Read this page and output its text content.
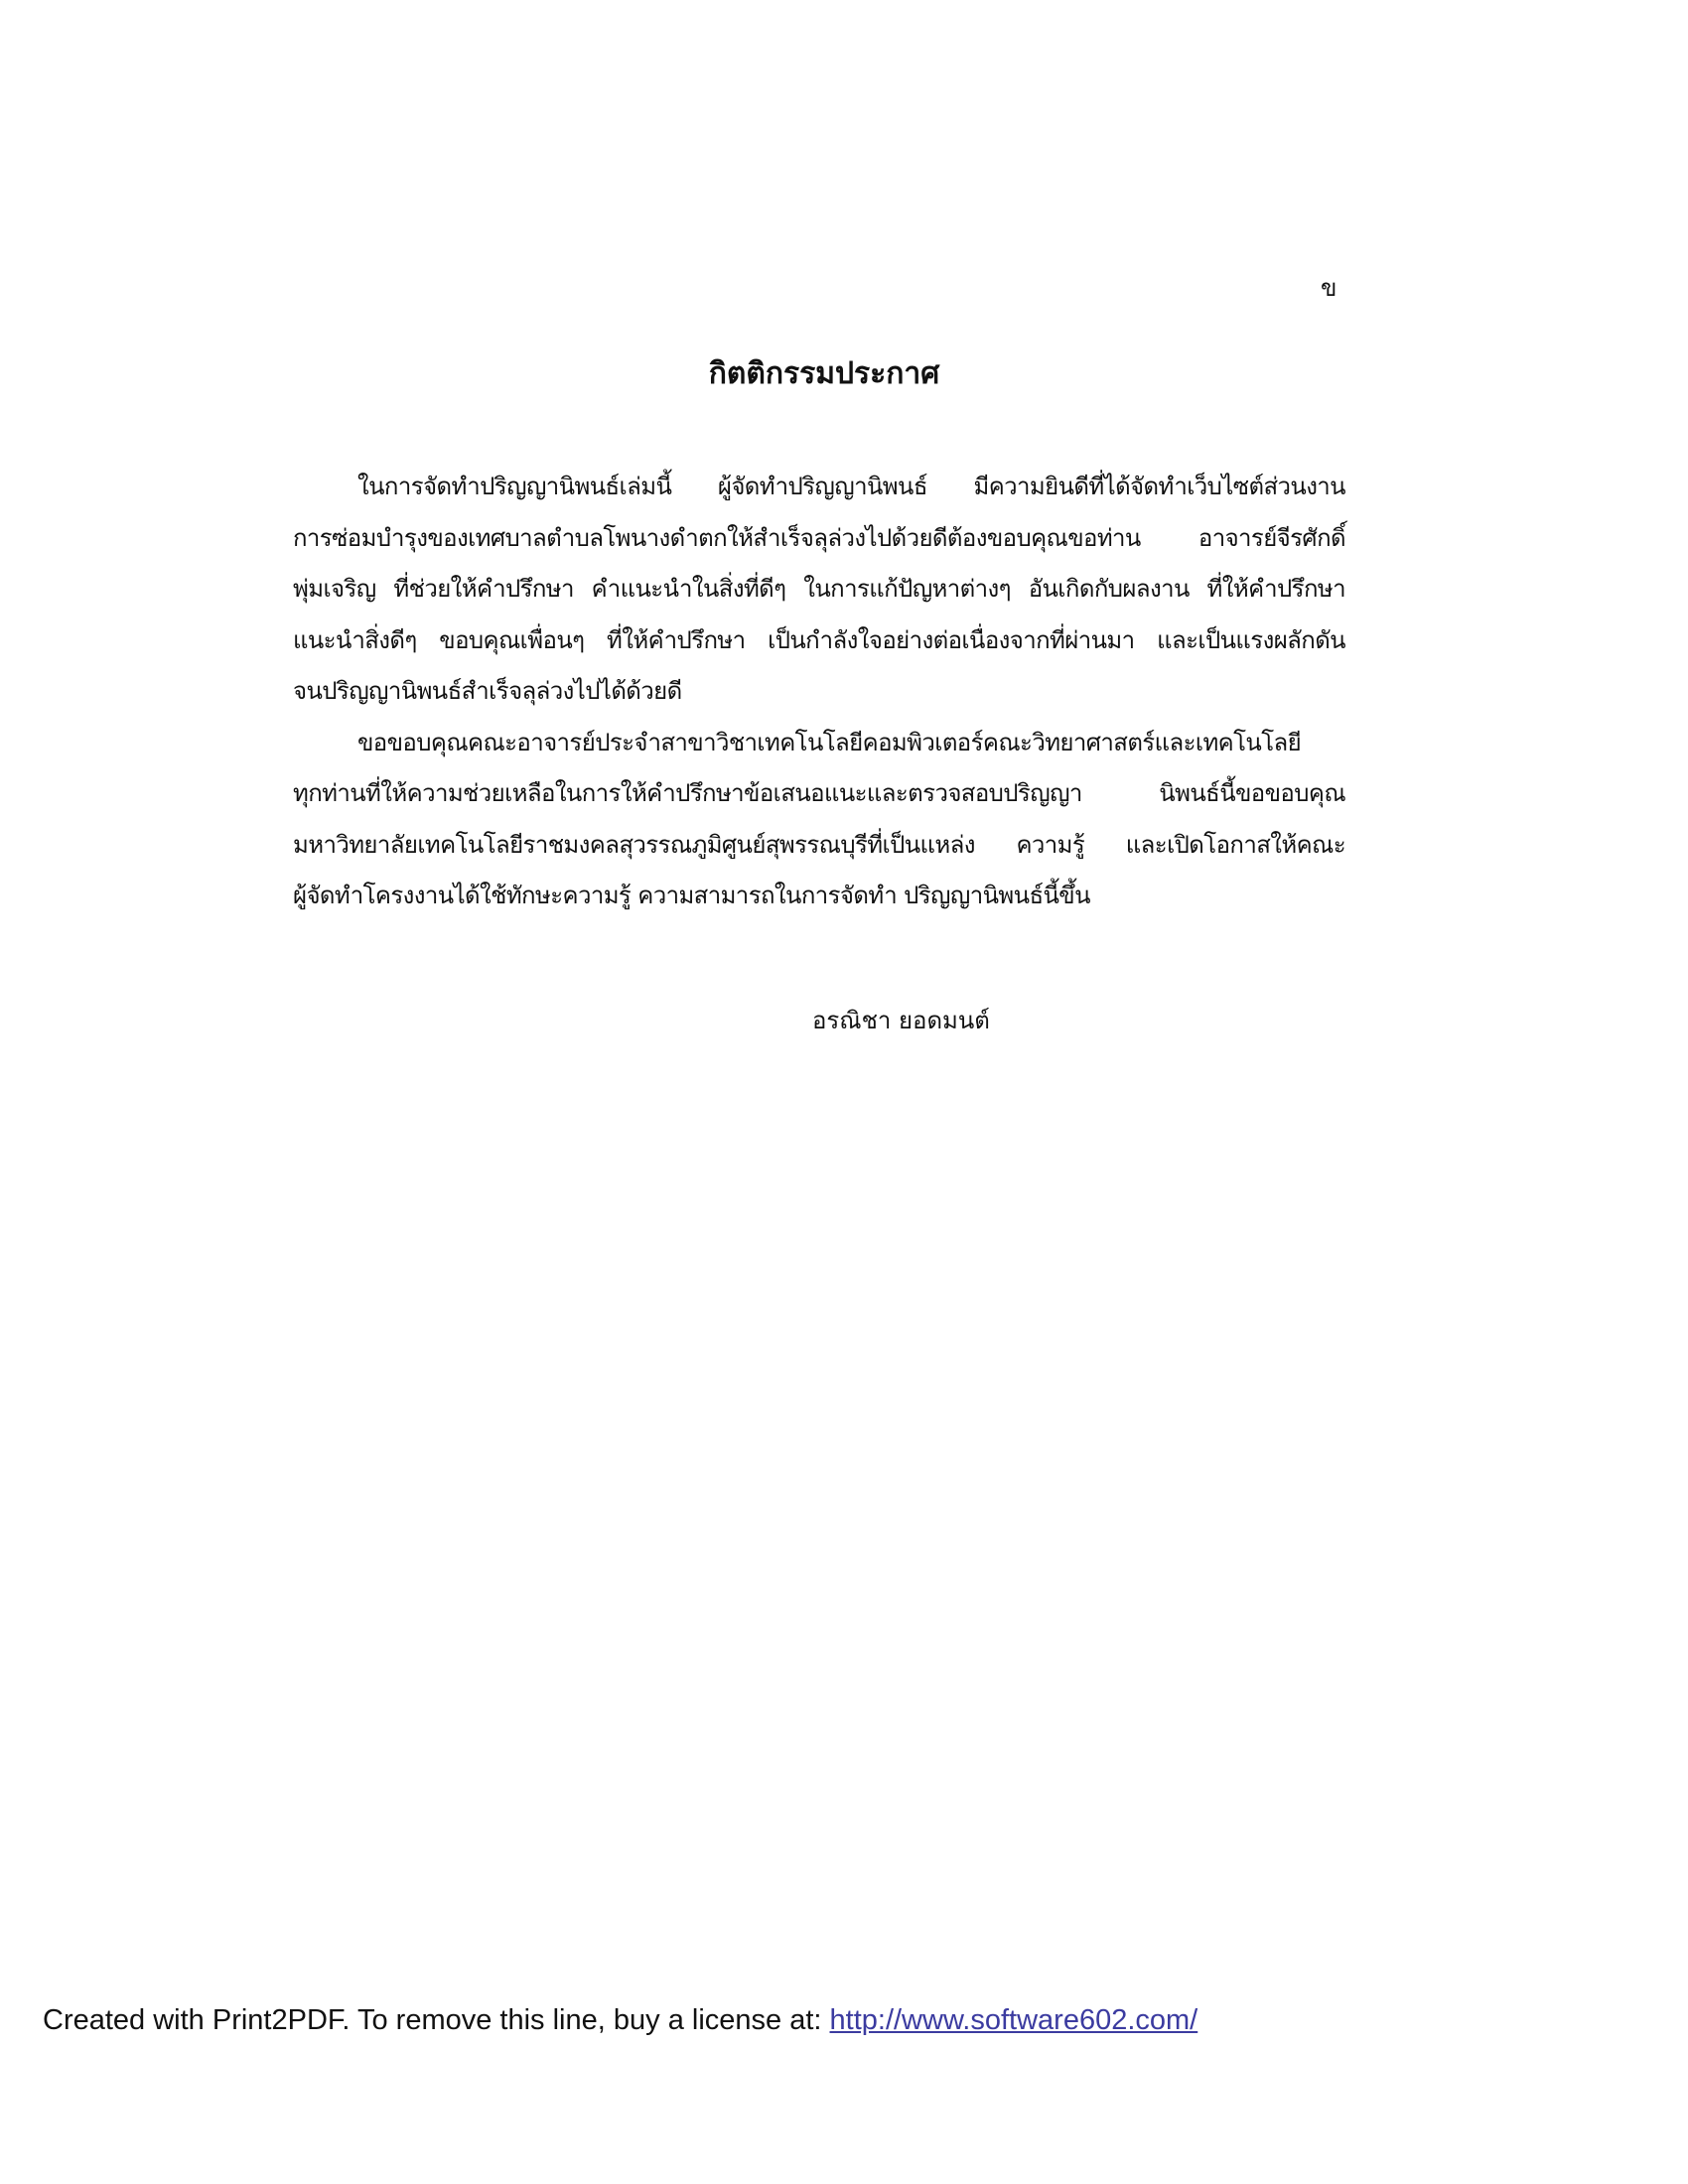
ข
กิตติกรรมประกาศ
ในการจัดทำปริญญานิพนธ์เล่มนี้ ผู้จัดทำปริญญานิพนธ์ มีความยินดีที่ได้จัดทำเว็บไซต์ส่วนงาน
การซ่อมบำรุงของเทศบาลตำบลโพนางดำตกให้สำเร็จลุล่วงไปด้วยดีต้องขอบคุณขอท่าน อาจารย์จีรศักดิ์
พุ่มเจริญ ที่ช่วยให้คำปรึกษา คำแนะนำในสิ่งที่ดีๆ ในการแก้ปัญหาต่างๆ อันเกิดกับผลงาน ที่ให้คำปรึกษา
แนะนำสิ่งดีๆ ขอบคุณเพื่อนๆ ที่ให้คำปรึกษา เป็นกำลังใจอย่างต่อเนื่องจากที่ผ่านมา และเป็นแรงผลักดัน
จนปริญญานิพนธ์สำเร็จลุล่วงไปได้ด้วยดี
ขอขอบคุณคณะอาจารย์ประจำสาขาวิชาเทคโนโลยีคอมพิวเตอร์คณะวิทยาศาสตร์และเทคโนโลยี
ทุกท่านที่ให้ความช่วยเหลือในการให้คำปรึกษาข้อเสนอแนะและตรวจสอบปริญญา นิพนธ์นี้ขอขอบคุณ
มหาวิทยาลัยเทคโนโลยีราชมงคลสุวรรณภูมิศูนย์สุพรรณบุรีที่เป็นแหล่ง ความรู้ และเปิดโอกาสให้คณะ
ผู้จัดทำโครงงานได้ใช้ทักษะความรู้ ความสามารถในการจัดทำ ปริญญานิพนธ์นี้ขึ้น
อรณิชา ยอดมนต์
Created with Print2PDF. To remove this line, buy a license at: http://www.software602.com/
